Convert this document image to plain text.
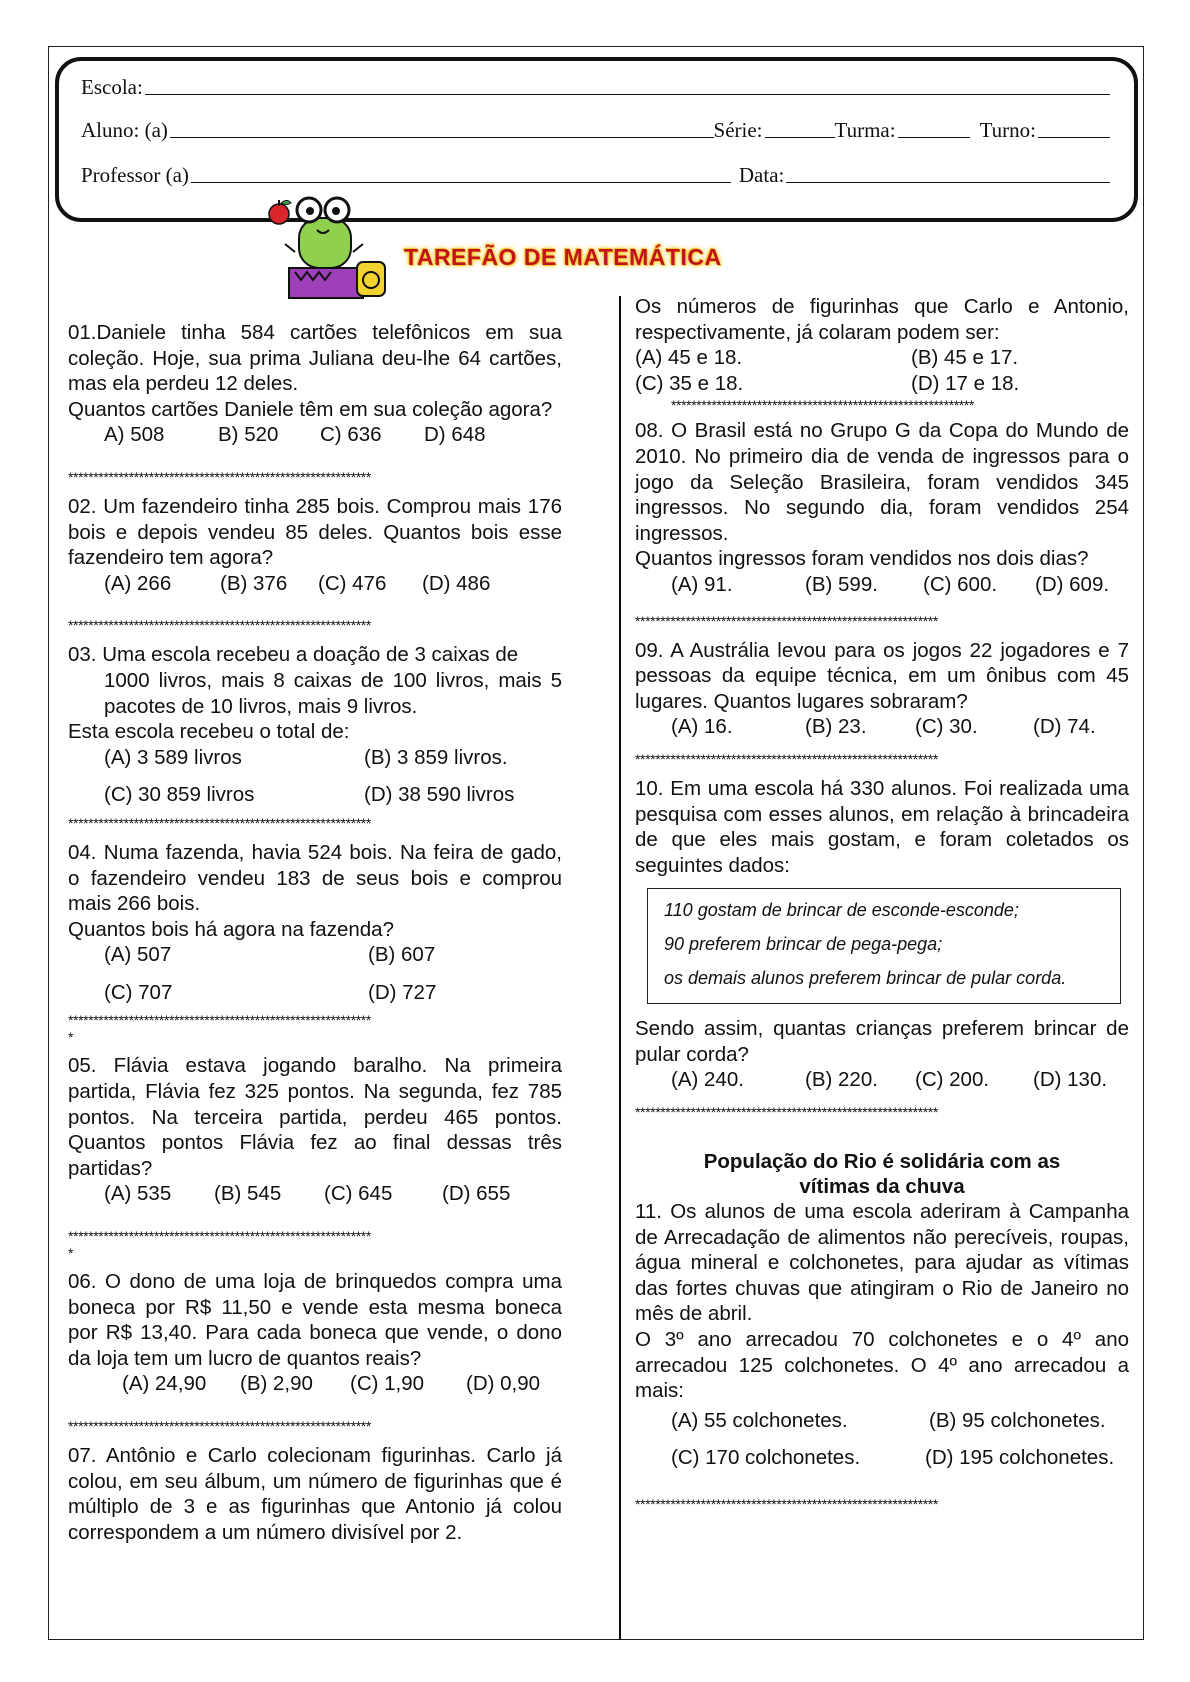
Escola:
Aluno: (a)	Série:	Turma:	Turno:
Professor (a)	Data:
TAREFÃO DE MATEMÁTICA
01.Daniele tinha 584 cartões telefônicos em sua coleção. Hoje, sua prima Juliana deu-lhe 64 cartões, mas ela perdeu 12 deles.
Quantos cartões Daniele têm em sua coleção agora?
A) 508	B) 520	C) 636	D) 648
************************************************************
02. Um fazendeiro tinha 285 bois. Comprou mais 176 bois e depois vendeu 85 deles. Quantos bois esse fazendeiro tem agora?
(A) 266	(B) 376	(C) 476	(D) 486
************************************************************
03. Uma escola recebeu a doação de 3 caixas de
1000 livros, mais 8 caixas de 100 livros, mais 5 pacotes de 10 livros, mais 9 livros.
Esta escola recebeu o total de:
(A) 3 589 livros	(B) 3 859 livros.
(C) 30 859 livros	(D) 38 590 livros
************************************************************
04. Numa fazenda, havia 524 bois. Na feira de gado, o fazendeiro vendeu 183 de seus bois e comprou mais 266 bois.
Quantos bois há agora na fazenda?
(A) 507	(B) 607
(C) 707	(D) 727
************************************************************
*
05. Flávia estava jogando baralho. Na primeira partida, Flávia fez 325 pontos. Na segunda, fez 785 pontos. Na terceira partida, perdeu 465 pontos. Quantos pontos Flávia fez ao final dessas três partidas?
(A) 535	(B) 545	(C) 645	(D) 655
************************************************************
*
06. O dono de uma loja de brinquedos compra uma boneca por R$ 11,50 e vende esta mesma boneca por R$ 13,40. Para cada boneca que vende, o dono da loja tem um lucro de quantos reais?
(A) 24,90	(B) 2,90	(C) 1,90	(D) 0,90
************************************************************
07. Antônio e Carlo colecionam figurinhas. Carlo já colou, em seu álbum, um número de figurinhas que é múltiplo de 3 e as figurinhas que Antonio já colou correspondem a um número divisível por 2.
Os números de figurinhas que Carlo e Antonio, respectivamente, já colaram podem ser:
(A) 45 e 18.	(B) 45 e 17.
(C) 35 e 18.	(D) 17 e 18.
************************************************************
08. O Brasil está no Grupo G da Copa do Mundo de 2010. No primeiro dia de venda de ingressos para o jogo da Seleção Brasileira, foram vendidos 345 ingressos. No segundo dia, foram vendidos 254 ingressos.
Quantos ingressos foram vendidos nos dois dias?
(A) 91.	(B) 599.	(C) 600.	(D) 609.
************************************************************
09. A Austrália levou para os jogos 22 jogadores e 7 pessoas da equipe técnica, em um ônibus com 45 lugares. Quantos lugares sobraram?
(A) 16.	(B) 23.	(C) 30.	(D) 74.
************************************************************
10. Em uma escola há 330 alunos. Foi realizada uma pesquisa com esses alunos, em relação à brincadeira de que eles mais gostam, e foram coletados os seguintes dados:
110 gostam de brincar de esconde-esconde;
90 preferem brincar de pega-pega;
os demais alunos preferem brincar de pular corda.
Sendo assim, quantas crianças preferem brincar de pular corda?
(A) 240.	(B) 220.	(C) 200.	(D) 130.
************************************************************
População do Rio é solidária com as vítimas da chuva
11. Os alunos de uma escola aderiram à Campanha de Arrecadação de alimentos não perecíveis, roupas, água mineral e colchonetes, para ajudar as vítimas das fortes chuvas que atingiram o Rio de Janeiro no mês de abril.
O 3º ano arrecadou 70 colchonetes e o 4º ano arrecadou 125 colchonetes. O 4º ano arrecadou a mais:
(A) 55 colchonetes.	(B) 95 colchonetes.
(C) 170 colchonetes.	(D) 195 colchonetes.
************************************************************
